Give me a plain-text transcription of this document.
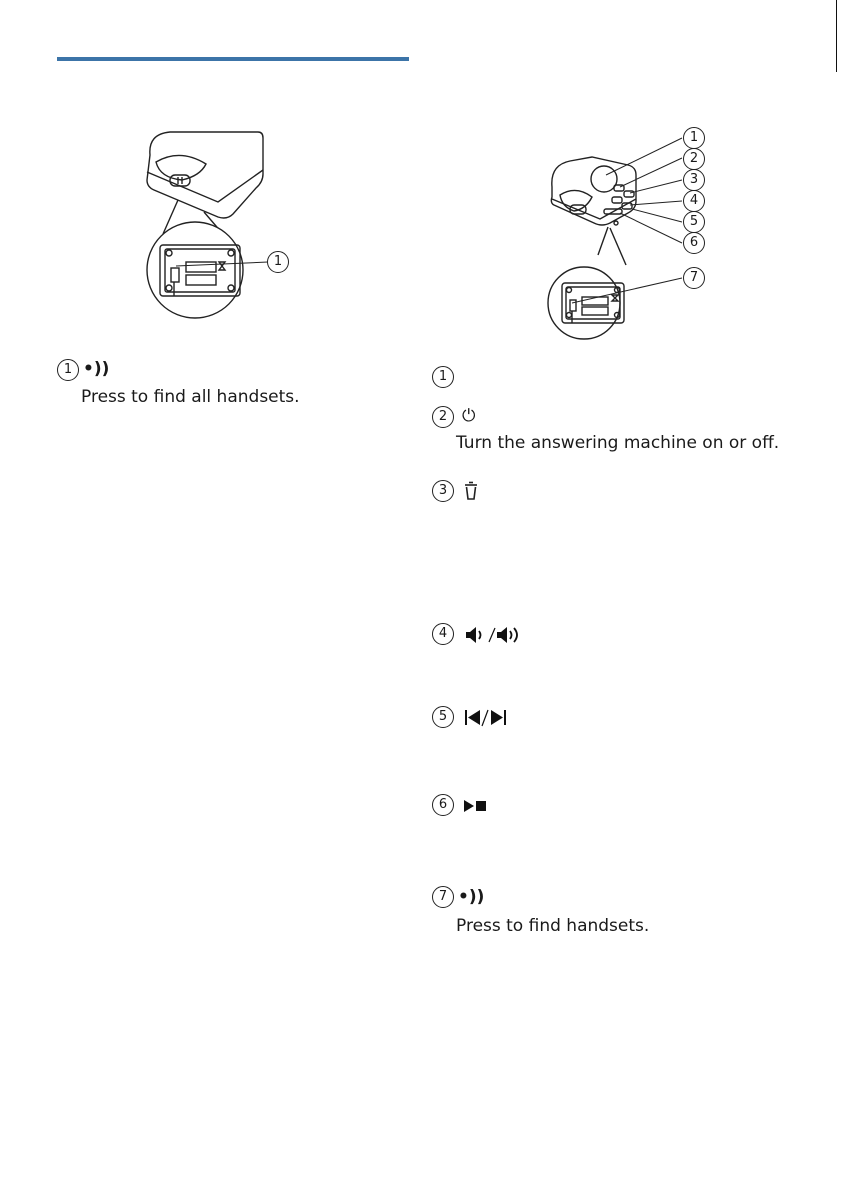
1
1
2
3
4
5
6
7
1 •))
Press to find all handsets.
1
2 ⏻
Turn the answering machine on or off.
3
4
5
6
7 •))
Press to find handsets.
